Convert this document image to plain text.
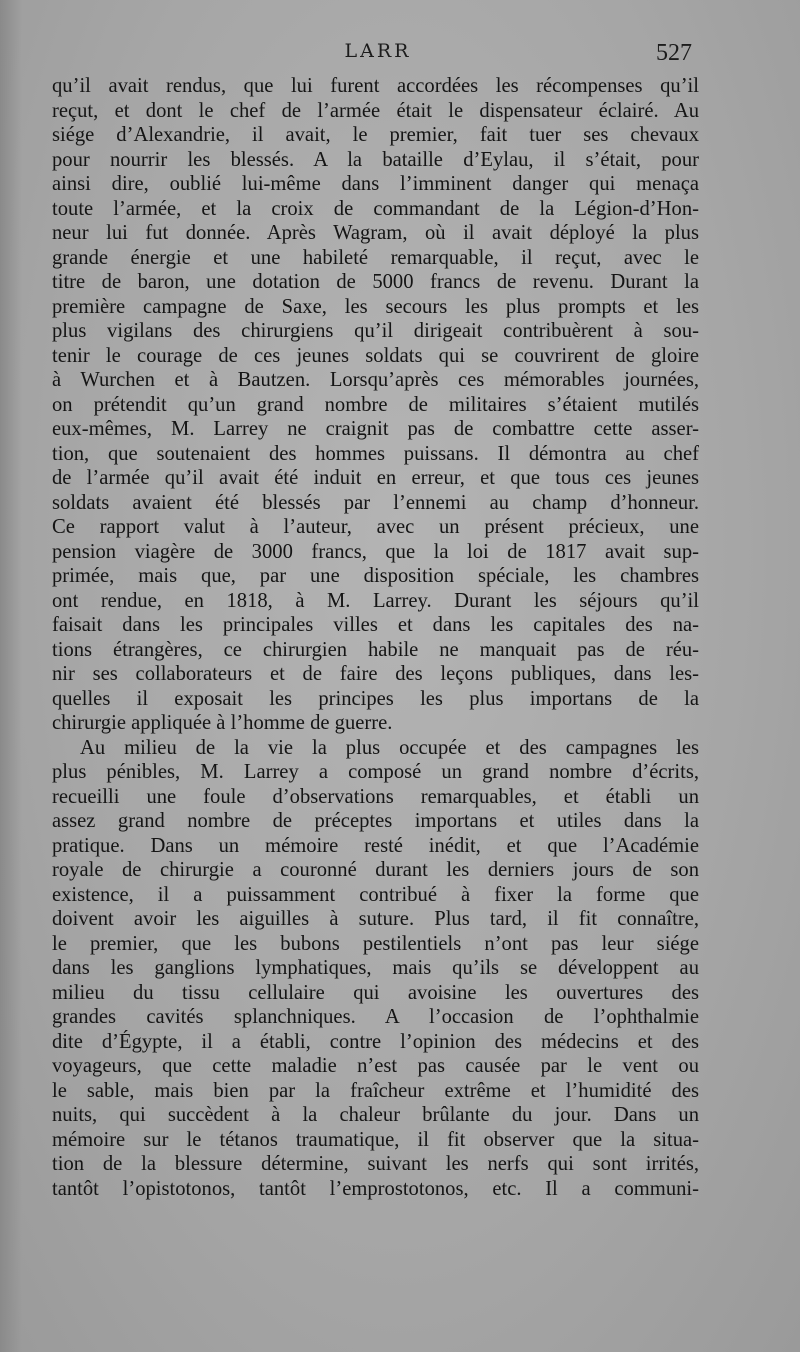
LARR	527
qu’il avait rendus, que lui furent accordées les récompenses qu’il
reçut, et dont le chef de l’armée était le dispensateur éclairé. Au
siége d’Alexandrie, il avait, le premier, fait tuer ses chevaux
pour nourrir les blessés. A la bataille d’Eylau, il s’était, pour
ainsi dire, oublié lui-même dans l’imminent danger qui menaça
toute l’armée, et la croix de commandant de la Légion-d’Hon-
neur lui fut donnée. Après Wagram, où il avait déployé la plus
grande énergie et une habileté remarquable, il reçut, avec le
titre de baron, une dotation de 5000 francs de revenu. Durant la
première campagne de Saxe, les secours les plus prompts et les
plus vigilans des chirurgiens qu’il dirigeait contribuèrent à sou-
tenir le courage de ces jeunes soldats qui se couvrirent de gloire
à Wurchen et à Bautzen. Lorsqu’après ces mémorables journées,
on prétendit qu’un grand nombre de militaires s’étaient mutilés
eux-mêmes, M. Larrey ne craignit pas de combattre cette asser-
tion, que soutenaient des hommes puissans. Il démontra au chef
de l’armée qu’il avait été induit en erreur, et que tous ces jeunes
soldats avaient été blessés par l’ennemi au champ d’honneur.
Ce rapport valut à l’auteur, avec un présent précieux, une
pension viagère de 3000 francs, que la loi de 1817 avait sup-
primée, mais que, par une disposition spéciale, les chambres
ont rendue, en 1818, à M. Larrey. Durant les séjours qu’il
faisait dans les principales villes et dans les capitales des na-
tions étrangères, ce chirurgien habile ne manquait pas de réu-
nir ses collaborateurs et de faire des leçons publiques, dans les-
quelles il exposait les principes les plus importans de la
chirurgie appliquée à l’homme de guerre.
Au milieu de la vie la plus occupée et des campagnes les
plus pénibles, M. Larrey a composé un grand nombre d’écrits,
recueilli une foule d’observations remarquables, et établi un
assez grand nombre de préceptes importans et utiles dans la
pratique. Dans un mémoire resté inédit, et que l’Académie
royale de chirurgie a couronné durant les derniers jours de son
existence, il a puissamment contribué à fixer la forme que
doivent avoir les aiguilles à suture. Plus tard, il fit connaître,
le premier, que les bubons pestilentiels n’ont pas leur siége
dans les ganglions lymphatiques, mais qu’ils se développent au
milieu du tissu cellulaire qui avoisine les ouvertures des
grandes cavités splanchniques. A l’occasion de l’ophthalmie
dite d’Égypte, il a établi, contre l’opinion des médecins et des
voyageurs, que cette maladie n’est pas causée par le vent ou
le sable, mais bien par la fraîcheur extrême et l’humidité des
nuits, qui succèdent à la chaleur brûlante du jour. Dans un
mémoire sur le tétanos traumatique, il fit observer que la situa-
tion de la blessure détermine, suivant les nerfs qui sont irrités,
tantôt l’opistotonos, tantôt l’emprostotonos, etc. Il a communi-
